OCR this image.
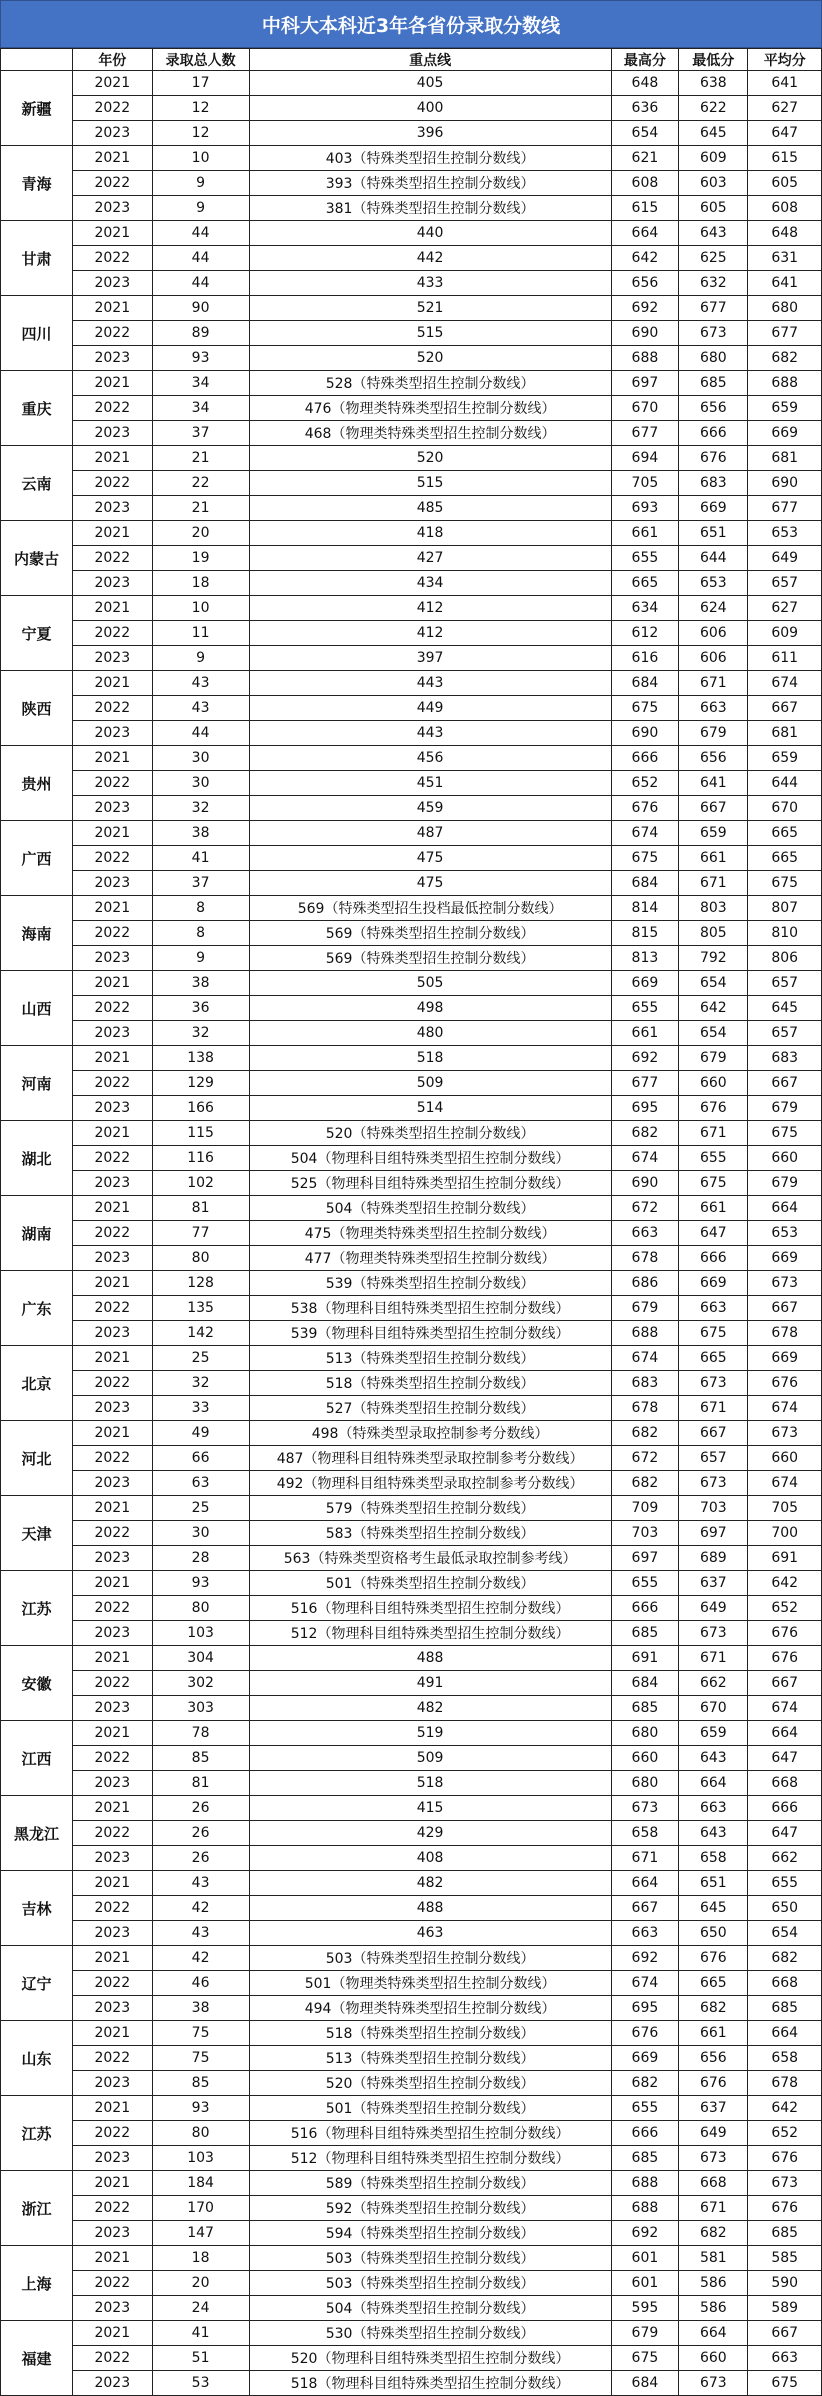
中科大本科近3年各省份录取分数线
	年份	录取总人数	重点线	最高分	最低分	平均分
新疆	2021	17	405	648	638	641
	2022	12	400	636	622	627
	2023	12	396	654	645	647
青海	2021	10	403（特殊类型招生控制分数线）	621	609	615
	2022	9	393（特殊类型招生控制分数线）	608	603	605
	2023	9	381（特殊类型招生控制分数线）	615	605	608
甘肃	2021	44	440	664	643	648
	2022	44	442	642	625	631
	2023	44	433	656	632	641
四川	2021	90	521	692	677	680
	2022	89	515	690	673	677
	2023	93	520	688	680	682
重庆	2021	34	528（特殊类型招生控制分数线）	697	685	688
	2022	34	476（物理类特殊类型招生控制分数线）	670	656	659
	2023	37	468（物理类特殊类型招生控制分数线）	677	666	669
云南	2021	21	520	694	676	681
	2022	22	515	705	683	690
	2023	21	485	693	669	677
内蒙古	2021	20	418	661	651	653
	2022	19	427	655	644	649
	2023	18	434	665	653	657
宁夏	2021	10	412	634	624	627
	2022	11	412	612	606	609
	2023	9	397	616	606	611
陕西	2021	43	443	684	671	674
	2022	43	449	675	663	667
	2023	44	443	690	679	681
贵州	2021	30	456	666	656	659
	2022	30	451	652	641	644
	2023	32	459	676	667	670
广西	2021	38	487	674	659	665
	2022	41	475	675	661	665
	2023	37	475	684	671	675
海南	2021	8	569（特殊类型招生投档最低控制分数线）	814	803	807
	2022	8	569（特殊类型招生控制分数线）	815	805	810
	2023	9	569（特殊类型招生控制分数线）	813	792	806
山西	2021	38	505	669	654	657
	2022	36	498	655	642	645
	2023	32	480	661	654	657
河南	2021	138	518	692	679	683
	2022	129	509	677	660	667
	2023	166	514	695	676	679
湖北	2021	115	520（特殊类型招生控制分数线）	682	671	675
	2022	116	504（物理科目组特殊类型招生控制分数线）	674	655	660
	2023	102	525（物理科目组特殊类型招生控制分数线）	690	675	679
湖南	2021	81	504（特殊类型招生控制分数线）	672	661	664
	2022	77	475（物理类特殊类型招生控制分数线）	663	647	653
	2023	80	477（物理类特殊类型招生控制分数线）	678	666	669
广东	2021	128	539（特殊类型招生控制分数线）	686	669	673
	2022	135	538（物理科目组特殊类型招生控制分数线）	679	663	667
	2023	142	539（物理科目组特殊类型招生控制分数线）	688	675	678
北京	2021	25	513（特殊类型招生控制分数线）	674	665	669
	2022	32	518（特殊类型招生控制分数线）	683	673	676
	2023	33	527（特殊类型招生控制分数线）	678	671	674
河北	2021	49	498（特殊类型录取控制参考分数线）	682	667	673
	2022	66	487（物理科目组特殊类型录取控制参考分数线）	672	657	660
	2023	63	492（物理科目组特殊类型录取控制参考分数线）	682	673	674
天津	2021	25	579（特殊类型招生控制分数线）	709	703	705
	2022	30	583（特殊类型招生控制分数线）	703	697	700
	2023	28	563（特殊类型资格考生最低录取控制参考线）	697	689	691
江苏	2021	93	501（特殊类型招生控制分数线）	655	637	642
	2022	80	516（物理科目组特殊类型招生控制分数线）	666	649	652
	2023	103	512（物理科目组特殊类型招生控制分数线）	685	673	676
安徽	2021	304	488	691	671	676
	2022	302	491	684	662	667
	2023	303	482	685	670	674
江西	2021	78	519	680	659	664
	2022	85	509	660	643	647
	2023	81	518	680	664	668
黑龙江	2021	26	415	673	663	666
	2022	26	429	658	643	647
	2023	26	408	671	658	662
吉林	2021	43	482	664	651	655
	2022	42	488	667	645	650
	2023	43	463	663	650	654
辽宁	2021	42	503（特殊类型招生控制分数线）	692	676	682
	2022	46	501（物理类特殊类型招生控制分数线）	674	665	668
	2023	38	494（物理类特殊类型招生控制分数线）	695	682	685
山东	2021	75	518（特殊类型招生控制分数线）	676	661	664
	2022	75	513（特殊类型招生控制分数线）	669	656	658
	2023	85	520（特殊类型招生控制分数线）	682	676	678
江苏	2021	93	501（特殊类型招生控制分数线）	655	637	642
	2022	80	516（物理科目组特殊类型招生控制分数线）	666	649	652
	2023	103	512（物理科目组特殊类型招生控制分数线）	685	673	676
浙江	2021	184	589（特殊类型招生控制分数线）	688	668	673
	2022	170	592（特殊类型招生控制分数线）	688	671	676
	2023	147	594（特殊类型招生控制分数线）	692	682	685
上海	2021	18	503（特殊类型招生控制分数线）	601	581	585
	2022	20	503（特殊类型招生控制分数线）	601	586	590
	2023	24	504（特殊类型招生控制分数线）	595	586	589
福建	2021	41	530（特殊类型招生控制分数线）	679	664	667
	2022	51	520（物理科目组特殊类型招生控制分数线）	675	660	663
	2023	53	518（物理科目组特殊类型招生控制分数线）	684	673	675
